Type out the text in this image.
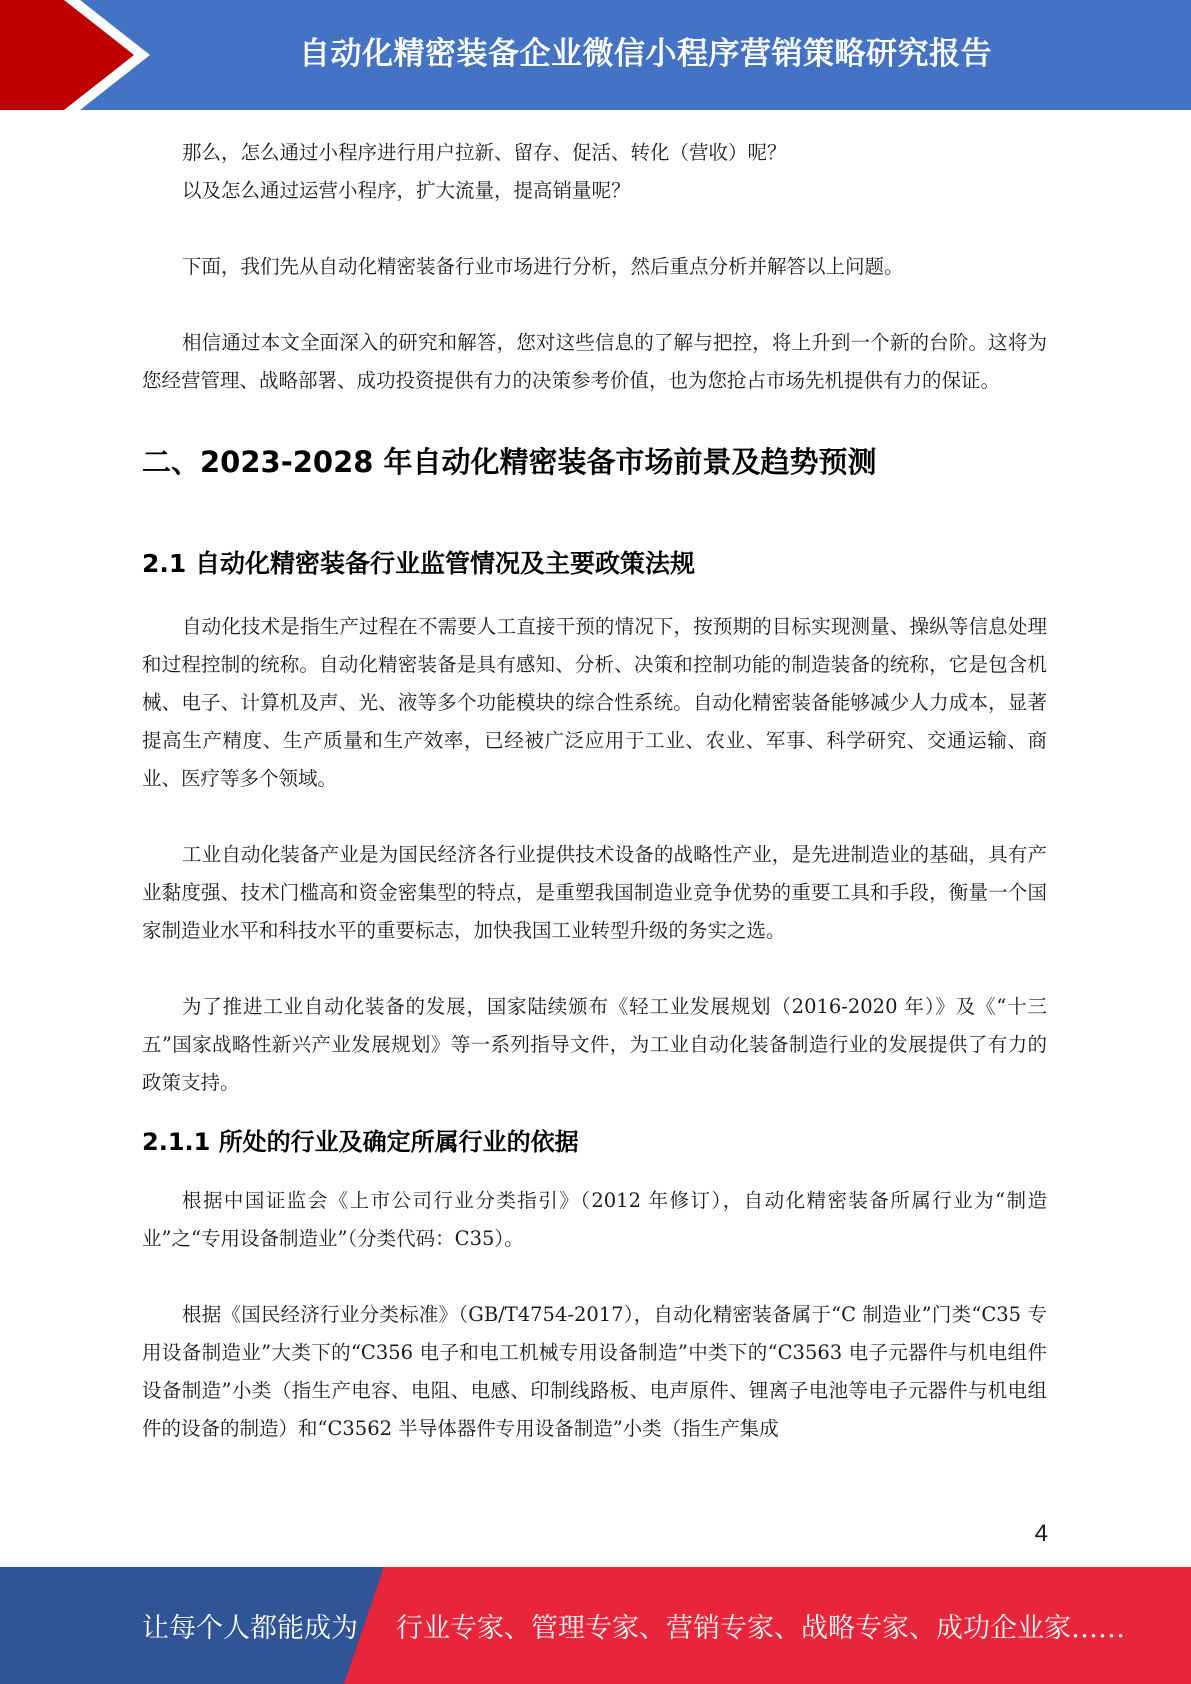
自动化精密装备企业微信小程序营销策略研究报告

那么，怎么通过小程序进行用户拉新、留存、促活、转化（营收）呢？

以及怎么通过运营小程序，扩大流量，提高销量呢？

下面，我们先从自动化精密装备行业市场进行分析，然后重点分析并解答以上问题。

相信通过本文全面深入的研究和解答，您对这些信息的了解与把控，将上升到一个新的台阶。这将为您经营管理、战略部署、成功投资提供有力的决策参考价值，也为您抢占市场先机提供有力的保证。

二、2023-2028 年自动化精密装备市场前景及趋势预测
2.1 自动化精密装备行业监管情况及主要政策法规

自动化技术是指生产过程在不需要人工直接干预的情况下，按预期的目标实现测量、操纵等信息处理和过程控制的统称。自动化精密装备是具有感知、分析、决策和控制功能的制造装备的统称，它是包含机械、电子、计算机及声、光、液等多个功能模块的综合性系统。自动化精密装备能够减少人力成本，显著提高生产精度、生产质量和生产效率，已经被广泛应用于工业、农业、军事、科学研究、交通运输、商业、医疗等多个领域。

工业自动化装备产业是为国民经济各行业提供技术设备的战略性产业，是先进制造业的基础，具有产业黏度强、技术门槛高和资金密集型的特点，是重塑我国制造业竞争优势的重要工具和手段，衡量一个国家制造业水平和科技水平的重要标志，加快我国工业转型升级的务实之选。

为了推进工业自动化装备的发展，国家陆续颁布《轻工业发展规划（2016-2020 年）》及《“十三五”国家战略性新兴产业发展规划》等一系列指导文件，为工业自动化装备制造行业的发展提供了有力的政策支持。

2.1.1 所处的行业及确定所属行业的依据

根据中国证监会《上市公司行业分类指引》（2012 年修订），自动化精密装备所属行业为“制造业”之“专用设备制造业”（分类代码：C35）。

根据《国民经济行业分类标准》（GB/T4754-2017），自动化精密装备属于“C 制造业”门类“C35 专用设备制造业”大类下的“C356 电子和电工机械专用设备制造”中类下的“C3563 电子元器件与机电组件设备制造”小类（指生产电容、电阻、电感、印制线路板、电声原件、锂离子电池等电子元器件与机电组件的设备的制造）和“C3562 半导体器件专用设备制造”小类（指生产集成

4
让每个人都能成为 行业专家、管理专家、营销专家、战略专家、成功企业家……
